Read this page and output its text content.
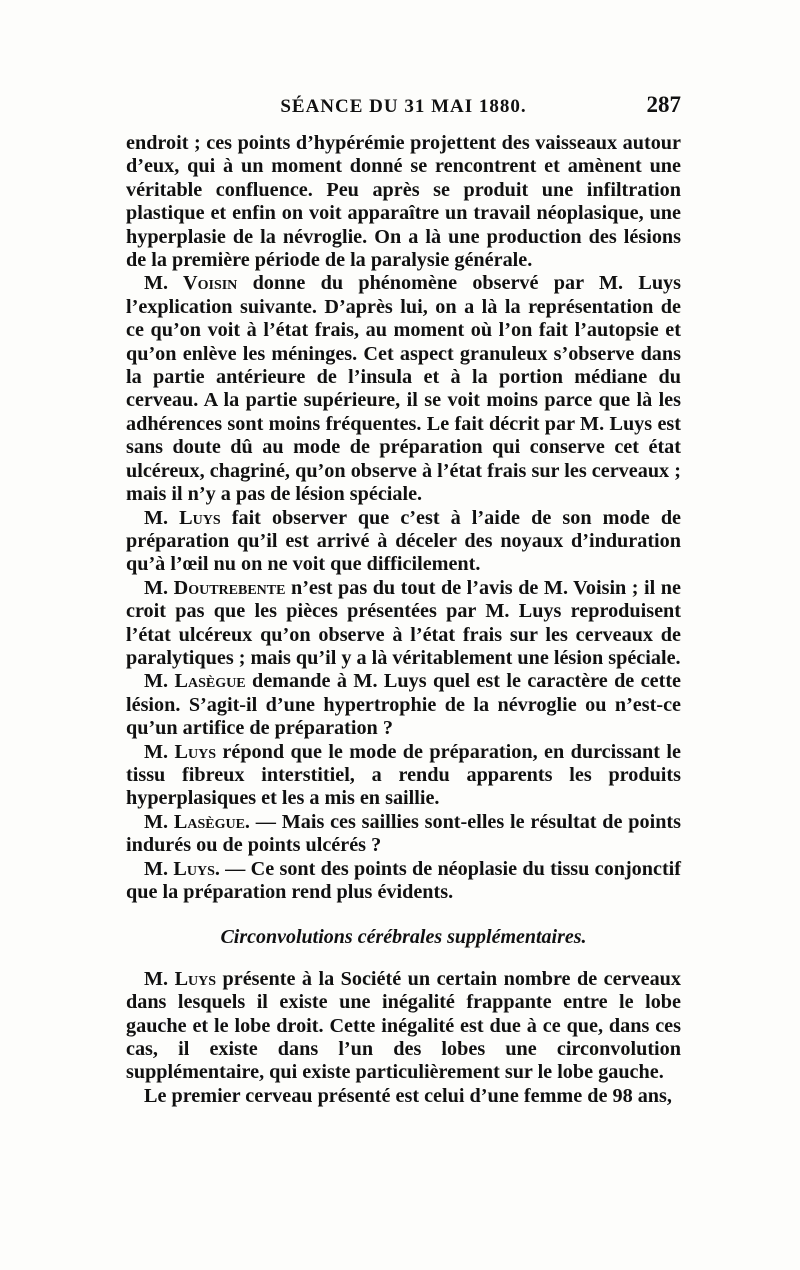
SÉANCE DU 31 MAI 1880.	287

endroit ; ces points d’hypérémie projettent des vaisseaux autour d’eux, qui à un moment donné se rencontrent et amènent une véritable confluence. Peu après se produit une infiltration plastique et enfin on voit apparaître un travail néoplasique, une hyperplasie de la névroglie. On a là une production des lésions de la première période de la paralysie générale.

M. Voisin donne du phénomène observé par M. Luys l’explication suivante. D’après lui, on a là la représentation de ce qu’on voit à l’état frais, au moment où l’on fait l’autopsie et qu’on enlève les méninges. Cet aspect granuleux s’observe dans la partie antérieure de l’insula et à la portion médiane du cerveau. A la partie supérieure, il se voit moins parce que là les adhérences sont moins fréquentes. Le fait décrit par M. Luys est sans doute dû au mode de préparation qui conserve cet état ulcéreux, chagriné, qu’on observe à l’état frais sur les cerveaux ; mais il n’y a pas de lésion spéciale.

M. Luys fait observer que c’est à l’aide de son mode de préparation qu’il est arrivé à déceler des noyaux d’induration qu’à l’œil nu on ne voit que difficilement.

M. Doutrebente n’est pas du tout de l’avis de M. Voisin ; il ne croit pas que les pièces présentées par M. Luys reproduisent l’état ulcéreux qu’on observe à l’état frais sur les cerveaux de paralytiques ; mais qu’il y a là véritablement une lésion spéciale.

M. Lasègue demande à M. Luys quel est le caractère de cette lésion. S’agit-il d’une hypertrophie de la névroglie ou n’est-ce qu’un artifice de préparation ?

M. Luys répond que le mode de préparation, en durcissant le tissu fibreux interstitiel, a rendu apparents les produits hyperplasiques et les a mis en saillie.

M. Lasègue. — Mais ces saillies sont-elles le résultat de points indurés ou de points ulcérés ?

M. Luys. — Ce sont des points de néoplasie du tissu conjonctif que la préparation rend plus évidents.

Circonvolutions cérébrales supplémentaires.

M. Luys présente à la Société un certain nombre de cerveaux dans lesquels il existe une inégalité frappante entre le lobe gauche et le lobe droit. Cette inégalité est due à ce que, dans ces cas, il existe dans l’un des lobes une circonvolution supplémentaire, qui existe particulièrement sur le lobe gauche.

Le premier cerveau présenté est celui d’une femme de 98 ans,
